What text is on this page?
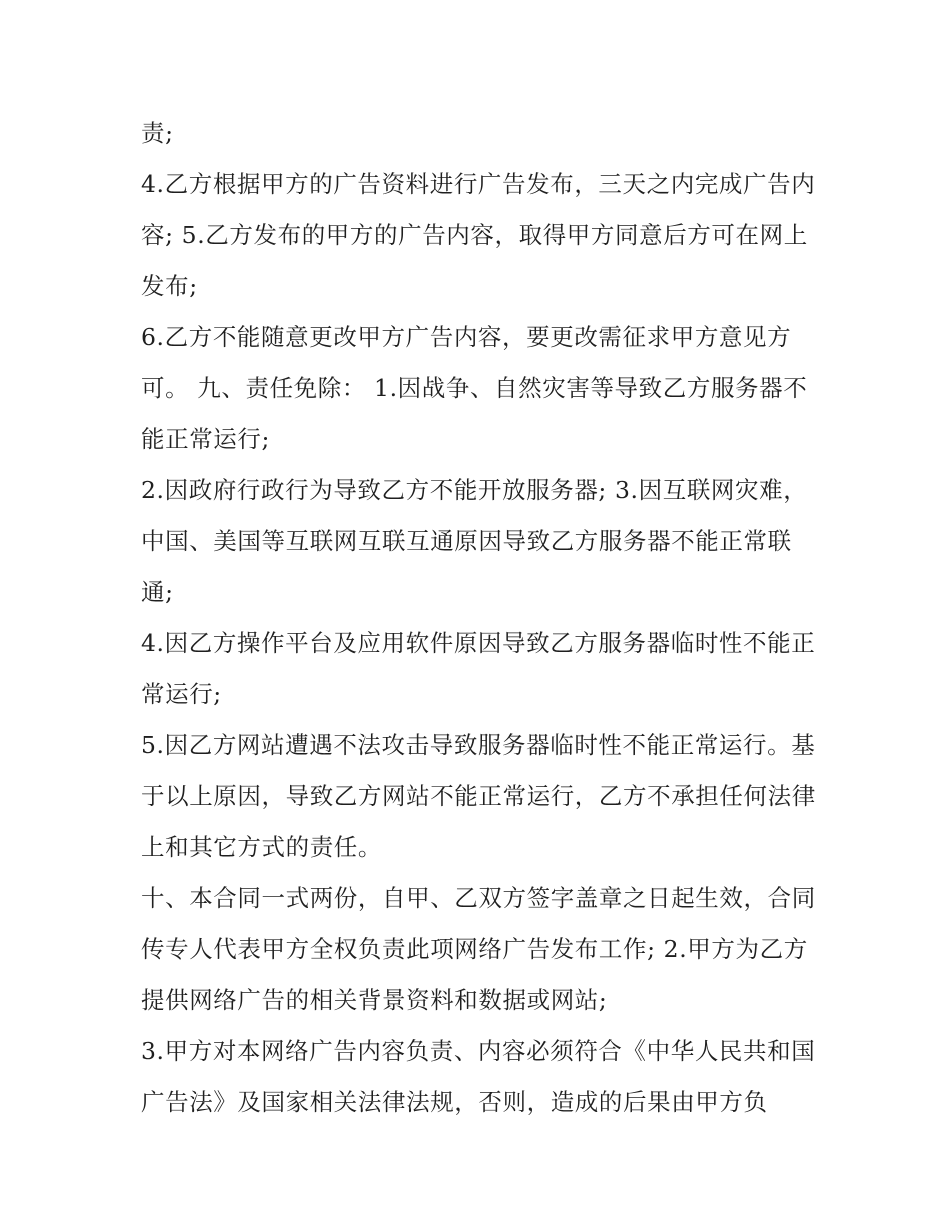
责;

4.乙方根据甲方的广告资料进行广告发布，三天之内完成广告内容; 5.乙方发布的甲方的广告内容，取得甲方同意后方可在网上发布;

6.乙方不能随意更改甲方广告内容，要更改需征求甲方意见方可。 九、责任免除： 1.因战争、自然灾害等导致乙方服务器不能正常运行;

2.因政府行政行为导致乙方不能开放服务器; 3.因互联网灾难，中国、美国等互联网互联互通原因导致乙方服务器不能正常联通;

4.因乙方操作平台及应用软件原因导致乙方服务器临时性不能正常运行;

5.因乙方网站遭遇不法攻击导致服务器临时性不能正常运行。基于以上原因，导致乙方网站不能正常运行，乙方不承担任何法律上和其它方式的责任。

十、本合同一式两份，自甲、乙双方签字盖章之日起生效，合同传专人代表甲方全权负责此项网络广告发布工作; 2.甲方为乙方提供网络广告的相关背景资料和数据或网站;

3.甲方对本网络广告内容负责、内容必须符合《中华人民共和国广告法》及国家相关法律法规，否则，造成的后果由甲方负
